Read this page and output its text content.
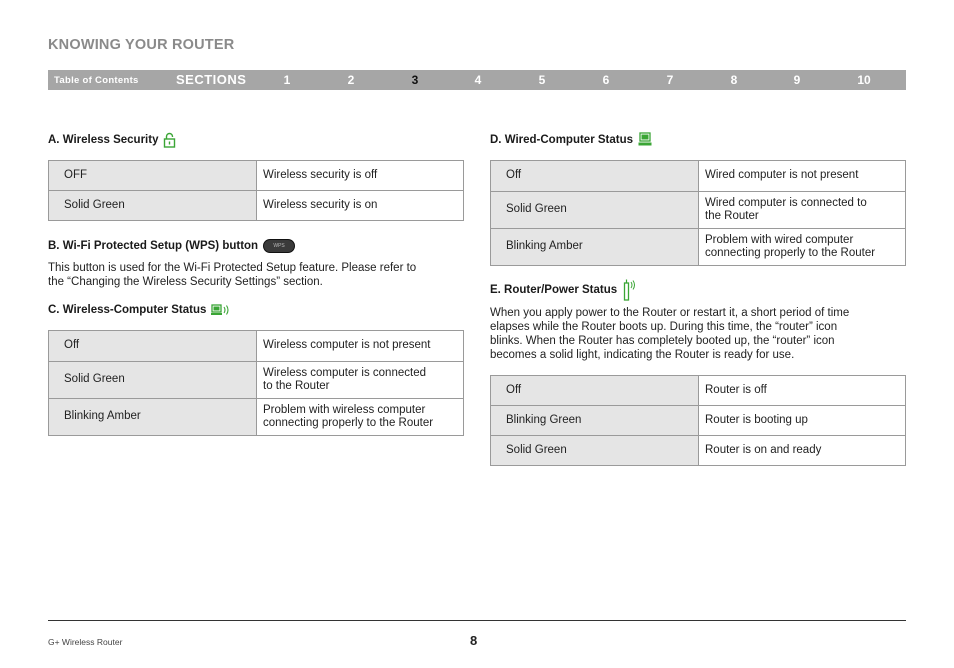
KNOWING YOUR ROUTER
Table of Contents	SECTIONS	1	2	3	4	5	6	7	8	9	10
A. Wireless Security
OFF	Wireless security is off
Solid Green	Wireless security is on
B. Wi-Fi Protected Setup (WPS) button	WPS
This button is used for the Wi-Fi Protected Setup feature. Please refer to
the “Changing the Wireless Security Settings” section.
C. Wireless-Computer Status
Off	Wireless computer is not present

Solid Green	Wireless computer is connected
to the Router

Blinking Amber	Problem with wireless computer
connecting properly to the Router
D. Wired-Computer Status
Off	Wired computer is not present

Solid Green	Wired computer is connected to
the Router

Blinking Amber	Problem with wired computer
connecting properly to the Router
E. Router/Power Status
When you apply power to the Router or restart it, a short period of time
elapses while the Router boots up. During this time, the “router” icon
blinks. When the Router has completely booted up, the “router” icon
becomes a solid light, indicating the Router is ready for use.
Off	Router is off
Blinking Green	Router is booting up
Solid Green	Router is on and ready
G+ Wireless Router	8
